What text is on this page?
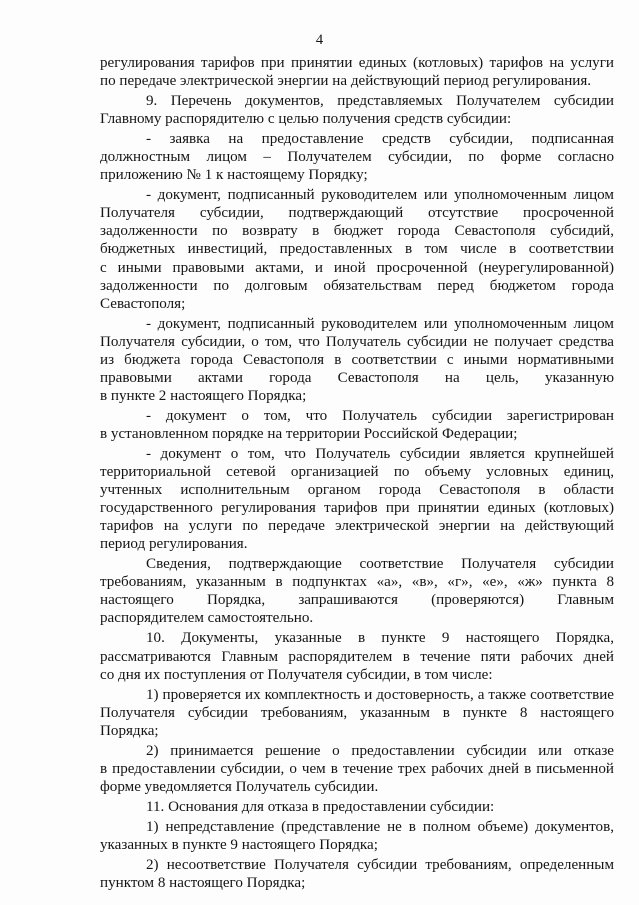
4
регулирования тарифов при принятии единых (котловых) тарифов на услуги
по передаче электрической энергии на действующий период регулирования.
9. Перечень документов, представляемых Получателем субсидии
Главному распорядителю с целью получения средств субсидии:
- заявка на предоставление средств субсидии, подписанная
должностным лицом – Получателем субсидии, по форме согласно
приложению № 1 к настоящему Порядку;
- документ, подписанный руководителем или уполномоченным лицом
Получателя субсидии, подтверждающий отсутствие просроченной
задолженности по возврату в бюджет города Севастополя субсидий,
бюджетных инвестиций, предоставленных в том числе в соответствии
с иными правовыми актами, и иной просроченной (неурегулированной)
задолженности по долговым обязательствам перед бюджетом города
Севастополя;
- документ, подписанный руководителем или уполномоченным лицом
Получателя субсидии, о том, что Получатель субсидии не получает средства
из бюджета города Севастополя в соответствии с иными нормативными
правовыми актами города Севастополя на цель, указанную
в пункте 2 настоящего Порядка;
- документ о том, что Получатель субсидии зарегистрирован
в установленном порядке на территории Российской Федерации;
- документ о том, что Получатель субсидии является крупнейшей
территориальной сетевой организацией по объему условных единиц,
учтенных исполнительным органом города Севастополя в области
государственного регулирования тарифов при принятии единых (котловых)
тарифов на услуги по передаче электрической энергии на действующий
период регулирования.
Сведения, подтверждающие соответствие Получателя субсидии
требованиям, указанным в подпунктах «а», «в», «г», «е», «ж» пункта 8
настоящего Порядка, запрашиваются (проверяются) Главным
распорядителем самостоятельно.
10. Документы, указанные в пункте 9 настоящего Порядка,
рассматриваются Главным распорядителем в течение пяти рабочих дней
со дня их поступления от Получателя субсидии, в том числе:
1) проверяется их комплектность и достоверность, а также соответствие
Получателя субсидии требованиям, указанным в пункте 8 настоящего
Порядка;
2) принимается решение о предоставлении субсидии или отказе
в предоставлении субсидии, о чем в течение трех рабочих дней в письменной
форме уведомляется Получатель субсидии.
11. Основания для отказа в предоставлении субсидии:
1) непредставление (представление не в полном объеме) документов,
указанных в пункте 9 настоящего Порядка;
2) несоответствие Получателя субсидии требованиям, определенным
пунктом 8 настоящего Порядка;
